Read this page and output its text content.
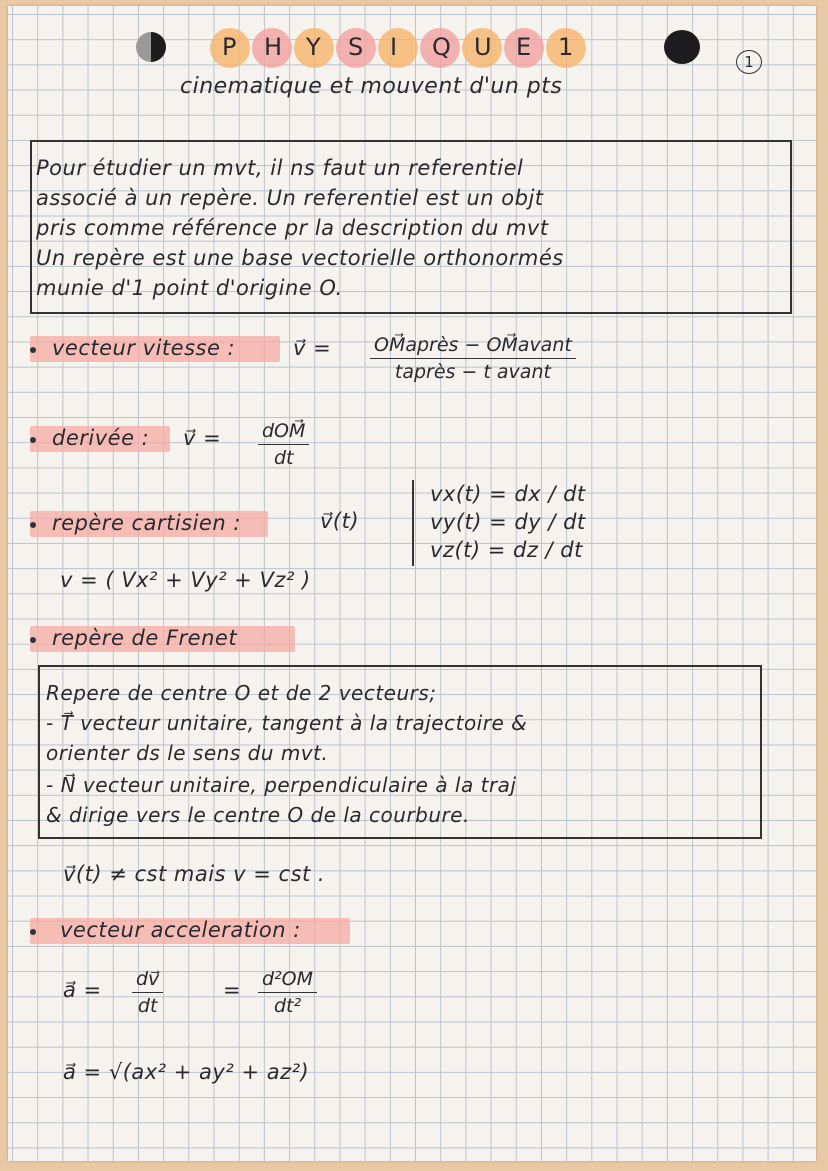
P H Y S I Q U E 1
1
cinematique et mouvent d'un pts
Pour étudier un mvt, il ns faut un referentiel
associé à un repère. Un referentiel est un objt
pris comme référence pr la description du mvt
Un repère est une base vectorielle orthonormés
munie d'1 point d'origine O.
vecteur vitesse :	v⃗ = OM⃗après − OM⃗avant
taprès − t avant
derivée : v⃗ = dOM⃗
dt
repère cartisien :	v⃗(t)
vx(t) = dx / dt
vy(t) = dy / dt
vz(t) = dz / dt
v = ( Vx² + Vy² + Vz² )
repère de Frenet
Repere de centre O et de 2 vecteurs;
- T⃗ vecteur unitaire, tangent à la trajectoire &
orienter ds le sens du mvt.
- N⃗ vecteur unitaire, perpendiculaire à la traj
& dirige vers le centre O de la courbure.
v⃗(t) ≠ cst mais v = cst .
vecteur acceleration :
a⃗ = $\frac{dv⃗}{dt}$	= $\frac{\text{d²OM}}{\text{dt²}}$
a⃗ = √(ax² + ay² + az²)
